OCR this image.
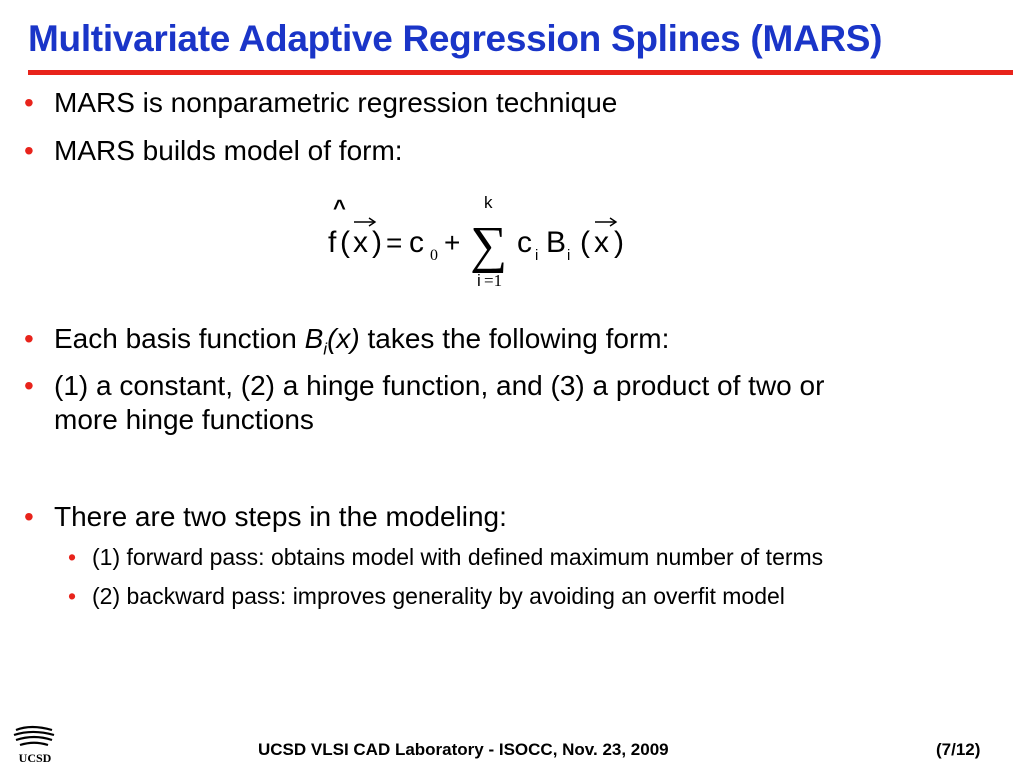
Multivariate Adaptive Regression Splines (MARS)
• MARS is nonparametric regression technique
• MARS builds model of form:
f
^
( x ) = c 0 + ∑
k
i =1
c i B i ( x )
• Each basis function $B_i(x)$ takes the following form:
• (1) a constant, (2) a hinge function, and (3) a product of two or
more hinge functions
• There are two steps in the modeling:
• (1) forward pass: obtains model with defined maximum number of terms
• (2) backward pass: improves generality by avoiding an overfit model
UCSD	UCSD VLSI CAD Laboratory - ISOCC, Nov. 23, 2009	(7/12)
